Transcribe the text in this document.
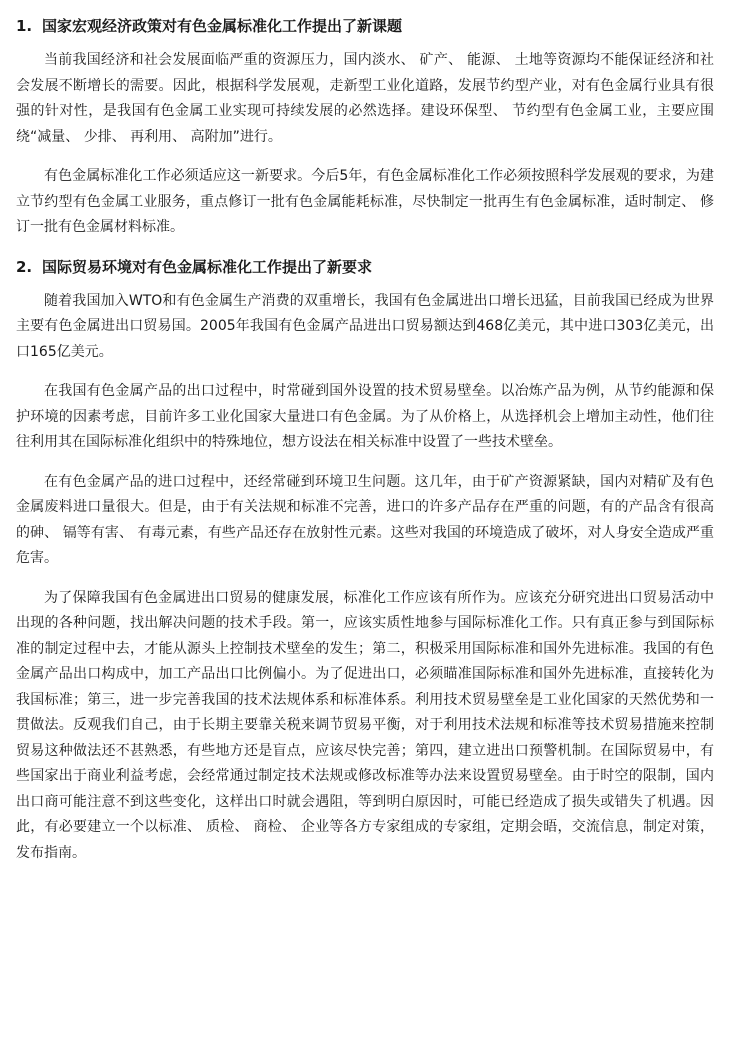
1. 国家宏观经济政策对有色金属标准化工作提出了新课题

当前我国经济和社会发展面临严重的资源压力，国内淡水、 矿产、 能源、 土地等资源均不能保证经济和社会发展不断增长的需要。因此，根据科学发展观，走新型工业化道路，发展节约型产业，对有色金属行业具有很强的针对性，是我国有色金属工业实现可持续发展的必然选择。建设环保型、 节约型有色金属工业，主要应围绕“减量、 少排、 再利用、 高附加”进行。

有色金属标准化工作必须适应这一新要求。今后5年，有色金属标准化工作必须按照科学发展观的要求，为建立节约型有色金属工业服务，重点修订一批有色金属能耗标准，尽快制定一批再生有色金属标准，适时制定、 修订一批有色金属材料标准。

2. 国际贸易环境对有色金属标准化工作提出了新要求

随着我国加入WTO和有色金属生产消费的双重增长，我国有色金属进出口增长迅猛，目前我国已经成为世界主要有色金属进出口贸易国。2005年我国有色金属产品进出口贸易额达到468亿美元，其中进口303亿美元，出口165亿美元。

在我国有色金属产品的出口过程中，时常碰到国外设置的技术贸易壁垒。以冶炼产品为例，从节约能源和保护环境的因素考虑，目前许多工业化国家大量进口有色金属。为了从价格上，从选择机会上增加主动性，他们往往利用其在国际标准化组织中的特殊地位，想方设法在相关标准中设置了一些技术壁垒。

在有色金属产品的进口过程中，还经常碰到环境卫生问题。这几年，由于矿产资源紧缺，国内对精矿及有色金属废料进口量很大。但是，由于有关法规和标准不完善，进口的许多产品存在严重的问题，有的产品含有很高的砷、 镉等有害、 有毒元素，有些产品还存在放射性元素。这些对我国的环境造成了破坏，对人身安全造成严重危害。

为了保障我国有色金属进出口贸易的健康发展，标准化工作应该有所作为。应该充分研究进出口贸易活动中出现的各种问题，找出解决问题的技术手段。第一，应该实质性地参与国际标准化工作。只有真正参与到国际标准的制定过程中去，才能从源头上控制技术壁垒的发生；第二，积极采用国际标准和国外先进标准。我国的有色金属产品出口构成中，加工产品出口比例偏小。为了促进出口，必须瞄准国际标准和国外先进标准，直接转化为我国标准；第三，进一步完善我国的技术法规体系和标准体系。利用技术贸易壁垒是工业化国家的天然优势和一贯做法。反观我们自己，由于长期主要靠关税来调节贸易平衡，对于利用技术法规和标准等技术贸易措施来控制贸易这种做法还不甚熟悉，有些地方还是盲点，应该尽快完善；第四，建立进出口预警机制。在国际贸易中，有些国家出于商业利益考虑，会经常通过制定技术法规或修改标准等办法来设置贸易壁垒。由于时空的限制，国内出口商可能注意不到这些变化，这样出口时就会遇阻，等到明白原因时，可能已经造成了损失或错失了机遇。因此，有必要建立一个以标准、 质检、 商检、 企业等各方专家组成的专家组，定期会晤，交流信息，制定对策，发布指南。
